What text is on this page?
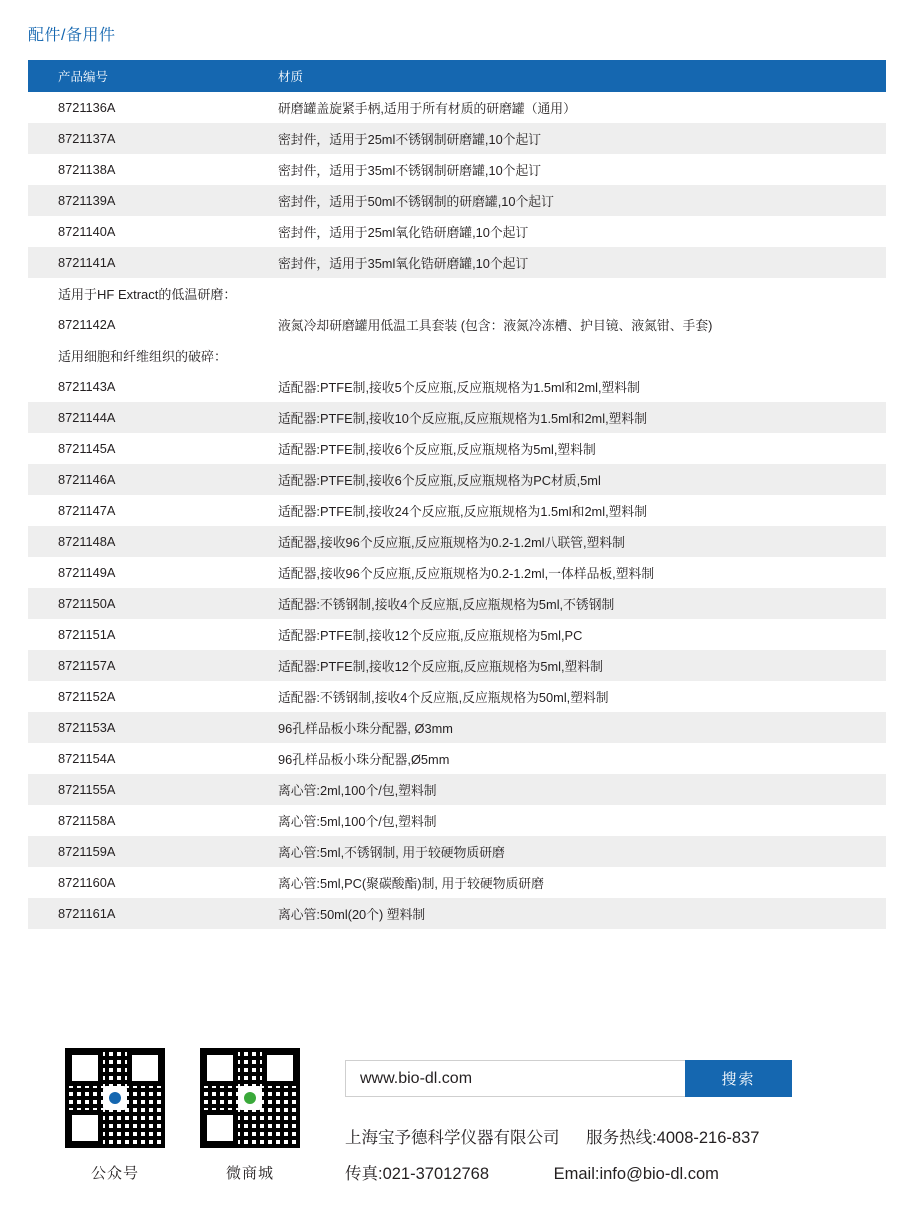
配件/备用件
产品编号	材质
8721136A	研磨罐盖旋紧手柄,适用于所有材质的研磨罐（通用）
8721137A	密封件，适用于25ml不锈钢制研磨罐,10个起订
8721138A	密封件，适用于35ml不锈钢制研磨罐,10个起订
8721139A	密封件，适用于50ml不锈钢制的研磨罐,10个起订
8721140A	密封件，适用于25ml氧化锆研磨罐,10个起订
8721141A	密封件，适用于35ml氧化锆研磨罐,10个起订
适用于HF Extract的低温研磨：	
8721142A	液氮冷却研磨罐用低温工具套装 (包含：液氮冷冻槽、护目镜、液氮钳、手套)
适用细胞和纤维组织的破碎：	
8721143A	适配器:PTFE制,接收5个反应瓶,反应瓶规格为1.5ml和2ml,塑料制
8721144A	适配器:PTFE制,接收10个反应瓶,反应瓶规格为1.5ml和2ml,塑料制
8721145A	适配器:PTFE制,接收6个反应瓶,反应瓶规格为5ml,塑料制
8721146A	适配器:PTFE制,接收6个反应瓶,反应瓶规格为PC材质,5ml
8721147A	适配器:PTFE制,接收24个反应瓶,反应瓶规格为1.5ml和2ml,塑料制
8721148A	适配器,接收96个反应瓶,反应瓶规格为0.2-1.2ml八联管,塑料制
8721149A	适配器,接收96个反应瓶,反应瓶规格为0.2-1.2ml,一体样品板,塑料制
8721150A	适配器:不锈钢制,接收4个反应瓶,反应瓶规格为5ml,不锈钢制
8721151A	适配器:PTFE制,接收12个反应瓶,反应瓶规格为5ml,PC
8721157A	适配器:PTFE制,接收12个反应瓶,反应瓶规格为5ml,塑料制
8721152A	适配器:不锈钢制,接收4个反应瓶,反应瓶规格为50ml,塑料制
8721153A	96孔样品板小珠分配器, Ø3mm
8721154A	96孔样品板小珠分配器,Ø5mm
8721155A	离心管:2ml,100个/包,塑料制
8721158A	离心管:5ml,100个/包,塑料制
8721159A	离心管:5ml,不锈钢制, 用于较硬物质研磨
8721160A	离心管:5ml,PC(聚碳酸酯)制, 用于较硬物质研磨
8721161A	离心管:50ml(20个) 塑料制
公众号	微商城
www.bio-dl.com
搜索
上海宝予德科学仪器有限公司 服务热线:4008-216-837
传真:021-37012768	Email:info@bio-dl.com
